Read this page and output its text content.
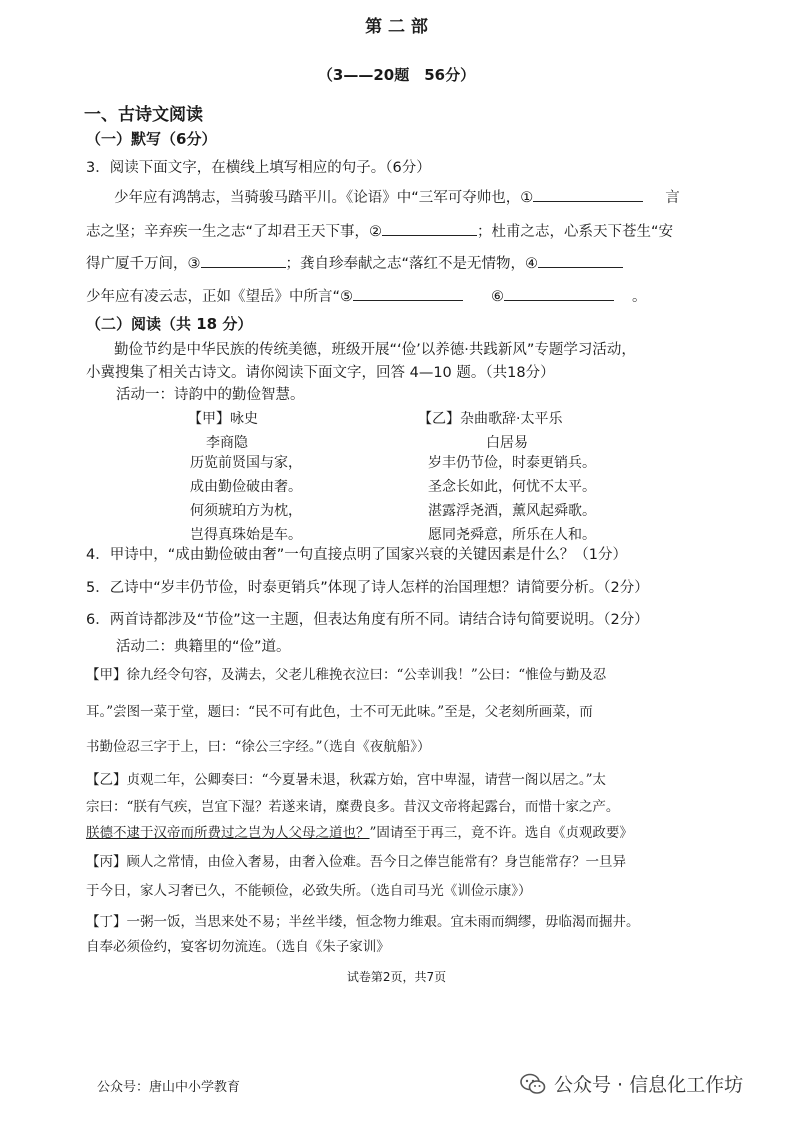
第 二 部
（3——20题　56分）
一、古诗文阅读
（一）默写（6分）
3．阅读下面文字，在横线上填写相应的句子。（6分）
少年应有鸿鹄志，当骑骏马踏平川。《论语》中“三军可夺帅也，①	言
志之坚；辛弃疾一生之志“了却君王天下事，②	；杜甫之志，心系天下苍生“安
得广厦千万间，③	；龚自珍奉献之志“落红不是无情物，④
少年应有凌云志，正如《望岳》中所言“⑤	⑥	。
（二）阅读（共 18 分）
勤俭节约是中华民族的传统美德，班级开展“‘俭’以养德·共践新风”专题学习活动，
小冀搜集了相关古诗文。请你阅读下面文字，回答 4—10 题。（共18分）
活动一：诗韵中的勤俭智慧。
【甲】咏史
李商隐
历览前贤国与家，
成由勤俭破由奢。
何须琥珀方为枕，
岂得真珠始是车。
【乙】杂曲歌辞·太平乐
白居易
岁丰仍节俭，时泰更销兵。
圣念长如此，何忧不太平。
湛露浮尧酒，薰风起舜歌。
愿同尧舜意，所乐在人和。
4．甲诗中，“成由勤俭破由奢”一句直接点明了国家兴衰的关键因素是什么？（1分）
5．乙诗中“岁丰仍节俭，时泰更销兵”体现了诗人怎样的治国理想？请简要分析。（2分）
6．两首诗都涉及“节俭”这一主题，但表达角度有所不同。请结合诗句简要说明。（2分）
活动二：典籍里的“俭”道。
【甲】徐九经令句容，及满去，父老儿稚挽衣泣曰：“公幸训我！”公曰：“惟俭与勤及忍
耳。”尝图一菜于堂，题曰：“民不可有此色，士不可无此味。”至是，父老刻所画菜，而
书勤俭忍三字于上，曰：“徐公三字经。”（选自《夜航船》）
【乙】贞观二年，公卿奏曰：“今夏暑未退，秋霖方始，宫中卑湿，请营一阁以居之。”太
宗曰：“朕有气疾，岂宜下湿？若遂来请，糜费良多。昔汉文帝将起露台，而惜十家之产。
朕德不逮于汉帝而所费过之岂为人父母之道也？”固请至于再三，竟不许。选自《贞观政要》
【丙】顾人之常情，由俭入奢易，由奢入俭难。吾今日之俸岂能常有？身岂能常存？一旦异
于今日，家人习奢已久，不能顿俭，必致失所。（选自司马光《训俭示康》）
【丁】一粥一饭，当思来处不易；半丝半缕，恒念物力维艰。宜未雨而绸缪，毋临渴而掘井。
自奉必须俭约，宴客切勿流连。（选自《朱子家训》
试卷第2页，共7页
公众号：唐山中小学教育	公众号 · 信息化工作坊
